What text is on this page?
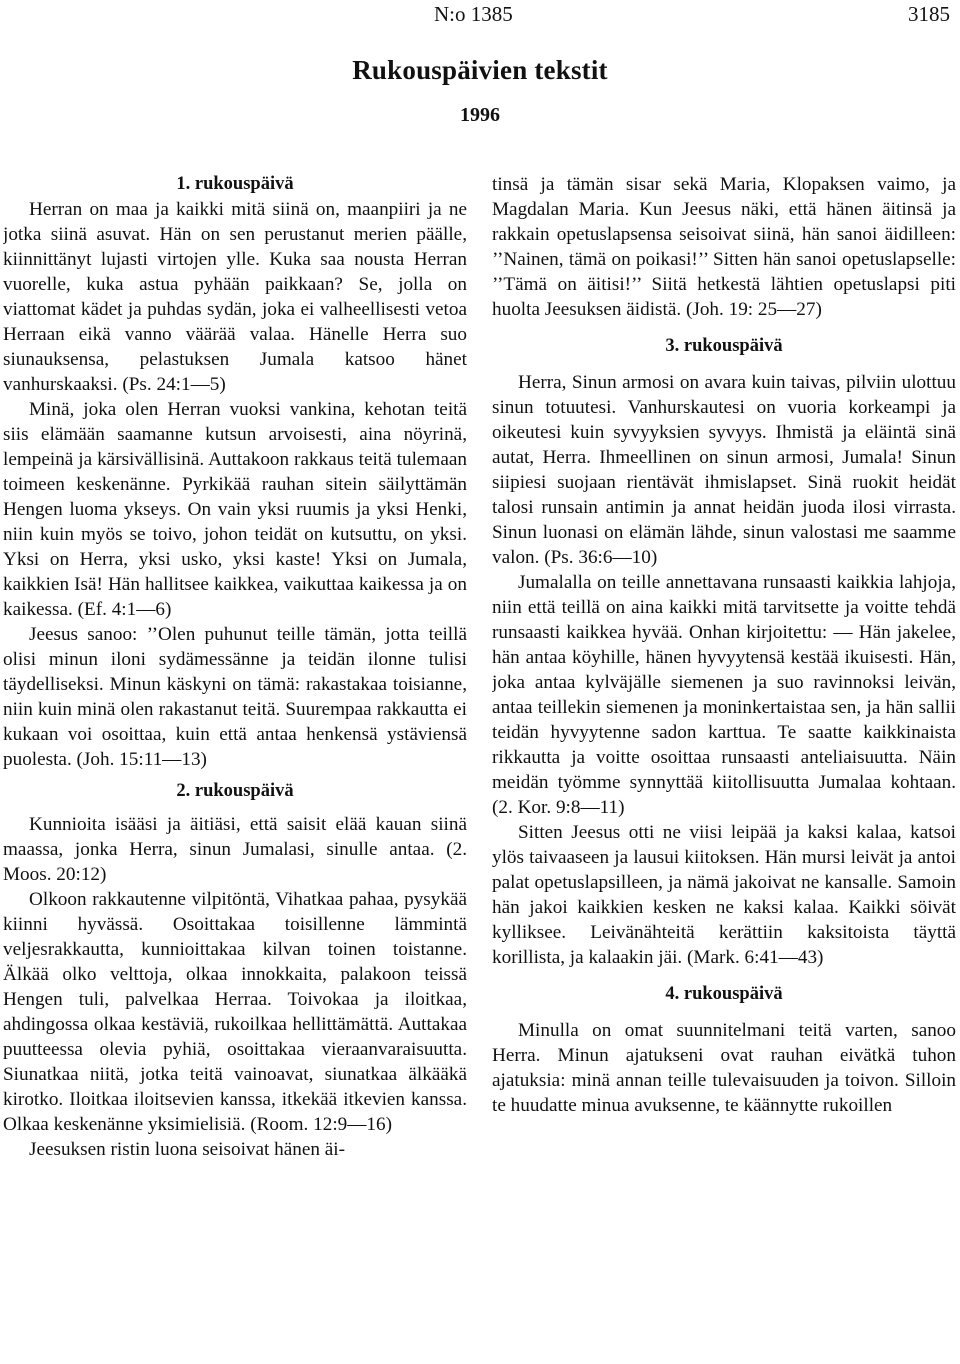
N:o 1385	3185
Rukouspäivien tekstit
1996
1. rukouspäivä

Herran on maa ja kaikki mitä siinä on, maanpiiri ja ne jotka siinä asuvat. Hän on sen perustanut merien päälle, kiinnittänyt lujasti virtojen ylle. Kuka saa nousta Herran vuorelle, kuka astua pyhään paikkaan? Se, jolla on viattomat kädet ja puhdas sydän, joka ei valheellisesti vetoa Herraan eikä vanno väärää valaa. Hänelle Herra suo siunauksensa, pelastuksen Jumala katsoo hänet vanhurskaaksi. (Ps. 24:1—5)

Minä, joka olen Herran vuoksi vankina, kehotan teitä siis elämään saamanne kutsun arvoisesti, aina nöyrinä, lempeinä ja kärsivällisinä. Auttakoon rakkaus teitä tulemaan toimeen keskenänne. Pyrkikää rauhan sitein säilyttämän Hengen luoma ykseys. On vain yksi ruumis ja yksi Henki, niin kuin myös se toivo, johon teidät on kutsuttu, on yksi. Yksi on Herra, yksi usko, yksi kaste! Yksi on Jumala, kaikkien Isä! Hän hallitsee kaikkea, vaikuttaa kaikessa ja on kaikessa. (Ef. 4:1—6)

Jeesus sanoo: ’’Olen puhunut teille tämän, jotta teillä olisi minun iloni sydämessänne ja teidän ilonne tulisi täydelliseksi. Minun käskyni on tämä: rakastakaa toisianne, niin kuin minä olen rakastanut teitä. Suurempaa rakkautta ei kukaan voi osoittaa, kuin että antaa henkensä ystäviensä puolesta. (Joh. 15:11—13)

2. rukouspäivä

Kunnioita isääsi ja äitiäsi, että saisit elää kauan siinä maassa, jonka Herra, sinun Jumalasi, sinulle antaa. (2. Moos. 20:12)

Olkoon rakkautenne vilpitöntä, Vihatkaa pahaa, pysykää kiinni hyvässä. Osoittakaa toisillenne lämmintä veljesrakkautta, kunnioittakaa kilvan toinen toistanne. Älkää olko velttoja, olkaa innokkaita, palakoon teissä Hengen tuli, palvelkaa Herraa. Toivokaa ja iloitkaa, ahdingossa olkaa kestäviä, rukoilkaa hellittämättä. Auttakaa puutteessa olevia pyhiä, osoittakaa vieraanvaraisuutta. Siunatkaa niitä, jotka teitä vainoavat, siunatkaa älkääkä kirotko. Iloitkaa iloitsevien kanssa, itkekää itkevien kanssa. Olkaa keskenänne yksimielisiä. (Room. 12:9—16)

Jeesuksen ristin luona seisoivat hänen äi-

tinsä ja tämän sisar sekä Maria, Klopaksen vaimo, ja Magdalan Maria. Kun Jeesus näki, että hänen äitinsä ja rakkain opetuslapsensa seisoivat siinä, hän sanoi äidilleen: ’’Nainen, tämä on poikasi!’’ Sitten hän sanoi opetuslapselle: ’’Tämä on äitisi!’’ Siitä hetkestä lähtien opetuslapsi piti huolta Jeesuksen äidistä. (Joh. 19: 25—27)

3. rukouspäivä

Herra, Sinun armosi on avara kuin taivas, pilviin ulottuu sinun totuutesi. Vanhurskautesi on vuoria korkeampi ja oikeutesi kuin syvyyksien syvyys. Ihmistä ja eläintä sinä autat, Herra. Ihmeellinen on sinun armosi, Jumala! Sinun siipiesi suojaan rientävät ihmislapset. Sinä ruokit heidät talosi runsain antimin ja annat heidän juoda ilosi virrasta. Sinun luonasi on elämän lähde, sinun valostasi me saamme valon. (Ps. 36:6—10)

Jumalalla on teille annettavana runsaasti kaikkia lahjoja, niin että teillä on aina kaikki mitä tarvitsette ja voitte tehdä runsaasti kaikkea hyvää. Onhan kirjoitettu: — Hän jakelee, hän antaa köyhille, hänen hyvyytensä kestää ikuisesti. Hän, joka antaa kylväjälle siemenen ja suo ravinnoksi leivän, antaa teillekin siemenen ja moninkertaistaa sen, ja hän sallii teidän hyvyytenne sadon karttua. Te saatte kaikkinaista rikkautta ja voitte osoittaa runsaasti anteliaisuutta. Näin meidän työmme synnyttää kiitollisuutta Jumalaa kohtaan. (2. Kor. 9:8—11)

Sitten Jeesus otti ne viisi leipää ja kaksi kalaa, katsoi ylös taivaaseen ja lausui kiitoksen. Hän mursi leivät ja antoi palat opetuslapsilleen, ja nämä jakoivat ne kansalle. Samoin hän jakoi kaikkien kesken ne kaksi kalaa. Kaikki söivät kylliksee. Leivänähteitä kerättiin kaksitoista täyttä korillista, ja kalaakin jäi. (Mark. 6:41—43)

4. rukouspäivä

Minulla on omat suunnitelmani teitä varten, sanoo Herra. Minun ajatukseni ovat rauhan eivätkä tuhon ajatuksia: minä annan teille tulevaisuuden ja toivon. Silloin te huudatte minua avuksenne, te käännytte rukoillen
